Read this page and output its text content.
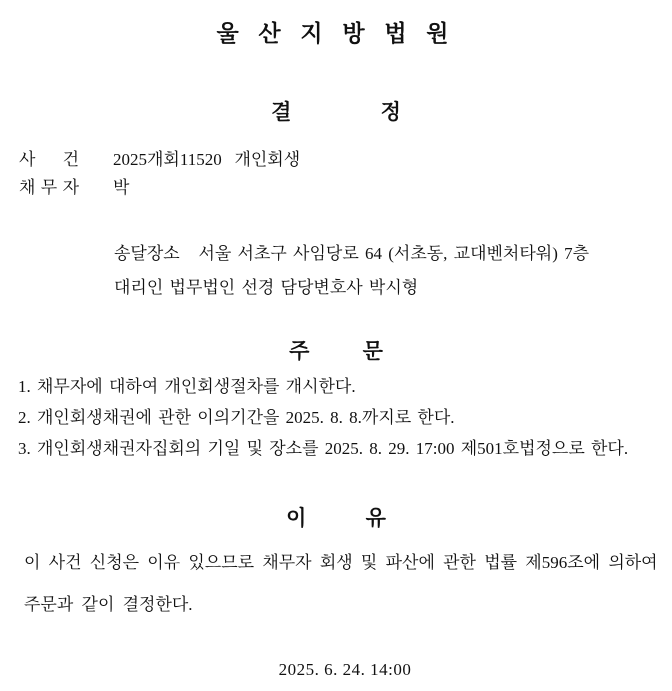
울 산 지 방 법 원
결 정
사 건 2025개회11520   개인회생
채 무 자 박
송달장소   서울 서초구 사임당로 64 (서초동, 교대벤처타워) 7층
대리인 법무법인 선경 담당변호사 박시형
주 문
1. 채무자에 대하여 개인회생절차를 개시한다.
2. 개인회생채권에 관한 이의기간을 2025. 8. 8.까지로 한다.
3. 개인회생채권자집회의 기일 및 장소를 2025. 8. 29. 17:00 제501호법정으로 한다.
이 유
이 사건 신청은 이유 있으므로 채무자 회생 및 파산에 관한 법률 제596조에 의하여
주문과 같이 결정한다.
2025. 6. 24. 14:00
